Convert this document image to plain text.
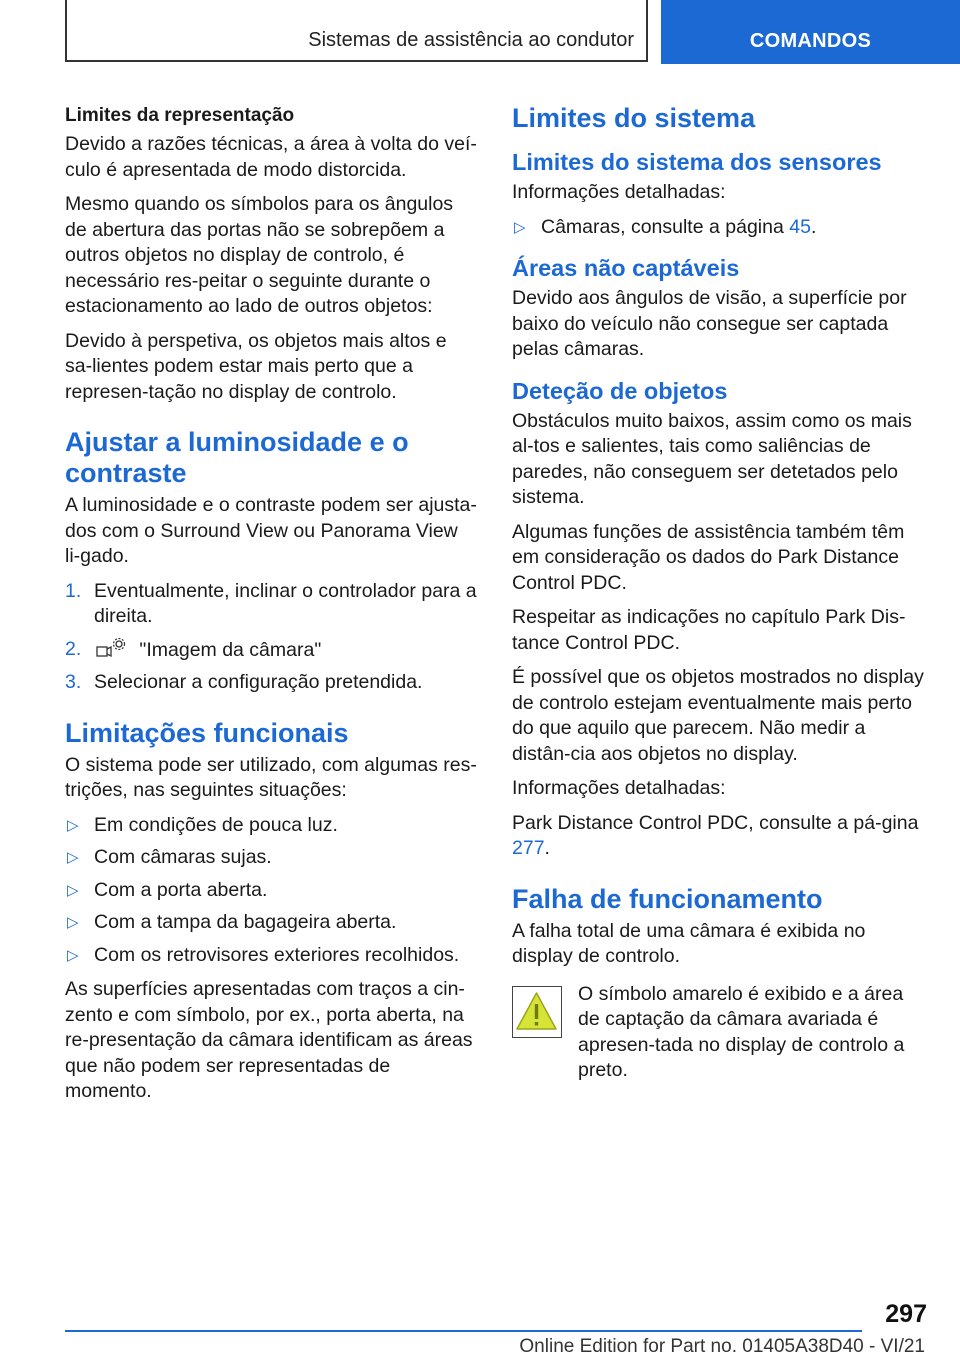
Sistemas de assistência ao condutor	COMANDOS
Limites da representação

Devido a razões técnicas, a área à volta do veí-culo é apresentada de modo distorcida.

Mesmo quando os símbolos para os ângulos de abertura das portas não se sobrepõem a outros objetos no display de controlo, é necessário res-peitar o seguinte durante o estacionamento ao lado de outros objetos:

Devido à perspetiva, os objetos mais altos e sa-lientes podem estar mais perto que a represen-tação no display de controlo.

Ajustar a luminosidade e o contraste

A luminosidade e o contraste podem ser ajusta-dos com o Surround View ou Panorama View li-gado.

1. Eventualmente, inclinar o controlador para a direita.
2.	"Imagem da câmara"
3. Selecionar a configuração pretendida.
Limitações funcionais

O sistema pode ser utilizado, com algumas res-trições, nas seguintes situações:

▷ Em condições de pouca luz.
▷ Com câmaras sujas.
▷ Com a porta aberta.
▷ Com a tampa da bagageira aberta.
▷ Com os retrovisores exteriores recolhidos.

As superfícies apresentadas com traços a cin-zento e com símbolo, por ex., porta aberta, na re-presentação da câmara identificam as áreas que não podem ser representadas de momento.

Limites do sistema
Limites do sistema dos sensores

Informações detalhadas:

▷ Câmaras, consulte a página 45.
Áreas não captáveis

Devido aos ângulos de visão, a superfície por baixo do veículo não consegue ser captada pelas câmaras.

Deteção de objetos

Obstáculos muito baixos, assim como os mais al-tos e salientes, tais como saliências de paredes, não conseguem ser detetados pelo sistema.

Algumas funções de assistência também têm em consideração os dados do Park Distance Control PDC.

Respeitar as indicações no capítulo Park Dis-tance Control PDC.

É possível que os objetos mostrados no display de controlo estejam eventualmente mais perto do que aquilo que parecem. Não medir a distân-cia aos objetos no display.

Informações detalhadas:

Park Distance Control PDC, consulte a pá-gina 277.

Falha de funcionamento

A falha total de uma câmara é exibida no display de controlo.

O símbolo amarelo é exibido e a área de captação da câmara avariada é apresen-tada no display de controlo a preto.

297
Online Edition for Part no. 01405A38D40 - VI/21
